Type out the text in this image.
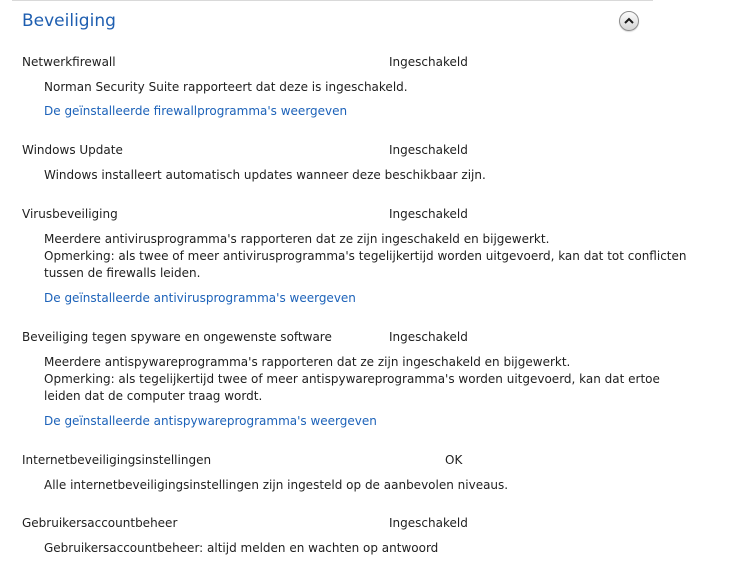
Beveiliging
Netwerkfirewall	Ingeschakeld
Norman Security Suite rapporteert dat deze is ingeschakeld.
De geïnstalleerde firewallprogramma's weergeven
Windows Update	Ingeschakeld
Windows installeert automatisch updates wanneer deze beschikbaar zijn.
Virusbeveiliging	Ingeschakeld
Meerdere antivirusprogramma's rapporteren dat ze zijn ingeschakeld en bijgewerkt.
Opmerking: als twee of meer antivirusprogramma's tegelijkertijd worden uitgevoerd, kan dat tot conflicten
tussen de firewalls leiden.
De geïnstalleerde antivirusprogramma's weergeven
Beveiliging tegen spyware en ongewenste software	Ingeschakeld
Meerdere antispywareprogramma's rapporteren dat ze zijn ingeschakeld en bijgewerkt.
Opmerking: als tegelijkertijd twee of meer antispywareprogramma's worden uitgevoerd, kan dat ertoe
leiden dat de computer traag wordt.
De geïnstalleerde antispywareprogramma's weergeven
Internetbeveiligingsinstellingen	OK
Alle internetbeveiligingsinstellingen zijn ingesteld op de aanbevolen niveaus.
Gebruikersaccountbeheer	Ingeschakeld
Gebruikersaccountbeheer: altijd melden en wachten op antwoord
